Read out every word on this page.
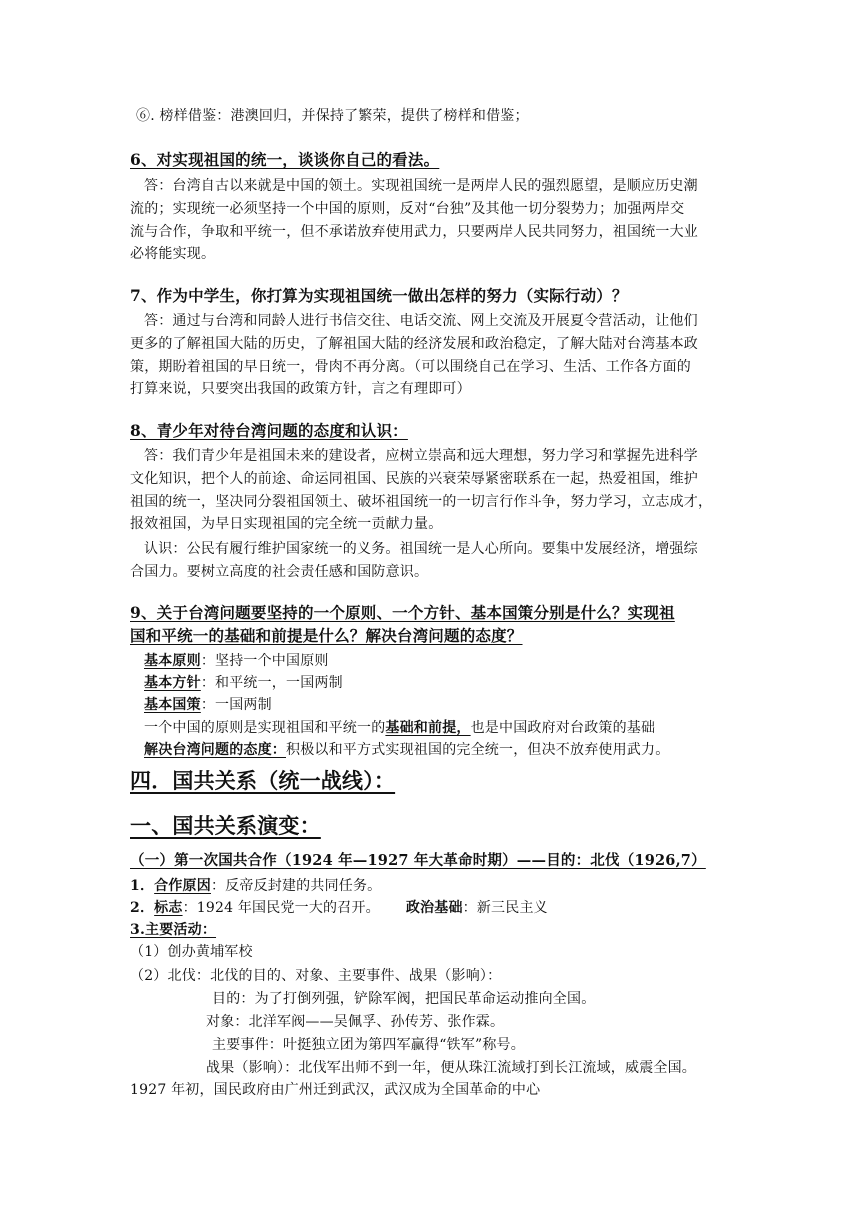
⑥. 榜样借鉴：港澳回归，并保持了繁荣，提供了榜样和借鉴；
6、对实现祖国的统一，谈谈你自己的看法。
答：台湾自古以来就是中国的领土。实现祖国统一是两岸人民的强烈愿望，是顺应历史潮
流的；实现统一必须坚持一个中国的原则，反对“台独”及其他一切分裂势力；加强两岸交
流与合作，争取和平统一，但不承诺放弃使用武力，只要两岸人民共同努力，祖国统一大业
必将能实现。
7、作为中学生，你打算为实现祖国统一做出怎样的努力（实际行动）？
答：通过与台湾和同龄人进行书信交往、电话交流、网上交流及开展夏令营活动，让他们
更多的了解祖国大陆的历史，了解祖国大陆的经济发展和政治稳定，了解大陆对台湾基本政
策，期盼着祖国的早日统一，骨肉不再分离。（可以围绕自己在学习、生活、工作各方面的
打算来说，只要突出我国的政策方针，言之有理即可）
8、青少年对待台湾问题的态度和认识：
答：我们青少年是祖国未来的建设者，应树立崇高和远大理想，努力学习和掌握先进科学
文化知识，把个人的前途、命运同祖国、民族的兴衰荣辱紧密联系在一起，热爱祖国，维护
祖国的统一，坚决同分裂祖国领土、破坏祖国统一的一切言行作斗争，努力学习，立志成才，
报效祖国，为早日实现祖国的完全统一贡献力量。
认识：公民有履行维护国家统一的义务。祖国统一是人心所向。要集中发展经济，增强综
合国力。要树立高度的社会责任感和国防意识。
9、关于台湾问题要坚持的一个原则、一个方针、基本国策分别是什么？实现祖
国和平统一的基础和前提是什么？解决台湾问题的态度？
基本原则：坚持一个中国原则
基本方针：和平统一，一国两制
基本国策：一国两制
一个中国的原则是实现祖国和平统一的基础和前提，也是中国政府对台政策的基础
解决台湾问题的态度：积极以和平方式实现祖国的完全统一，但决不放弃使用武力。
四．国共关系（统一战线）：
一、国共关系演变：
（一）第一次国共合作（1924 年—1927 年大革命时期）——目的：北伐（1926,7）
1．合作原因：反帝反封建的共同任务。
2．标志：1924 年国民党一大的召开。 政治基础：新三民主义
3.主要活动：
（1）创办黄埔军校
（2）北伐：北伐的目的、对象、主要事件、战果（影响）：
目的：为了打倒列强，铲除军阀，把国民革命运动推向全国。
对象：北洋军阀——吴佩孚、孙传芳、张作霖。
主要事件：叶挺独立团为第四军赢得“铁军”称号。
战果（影响）：北伐军出师不到一年，便从珠江流域打到长江流域，威震全国。
1927 年初，国民政府由广州迁到武汉，武汉成为全国革命的中心
